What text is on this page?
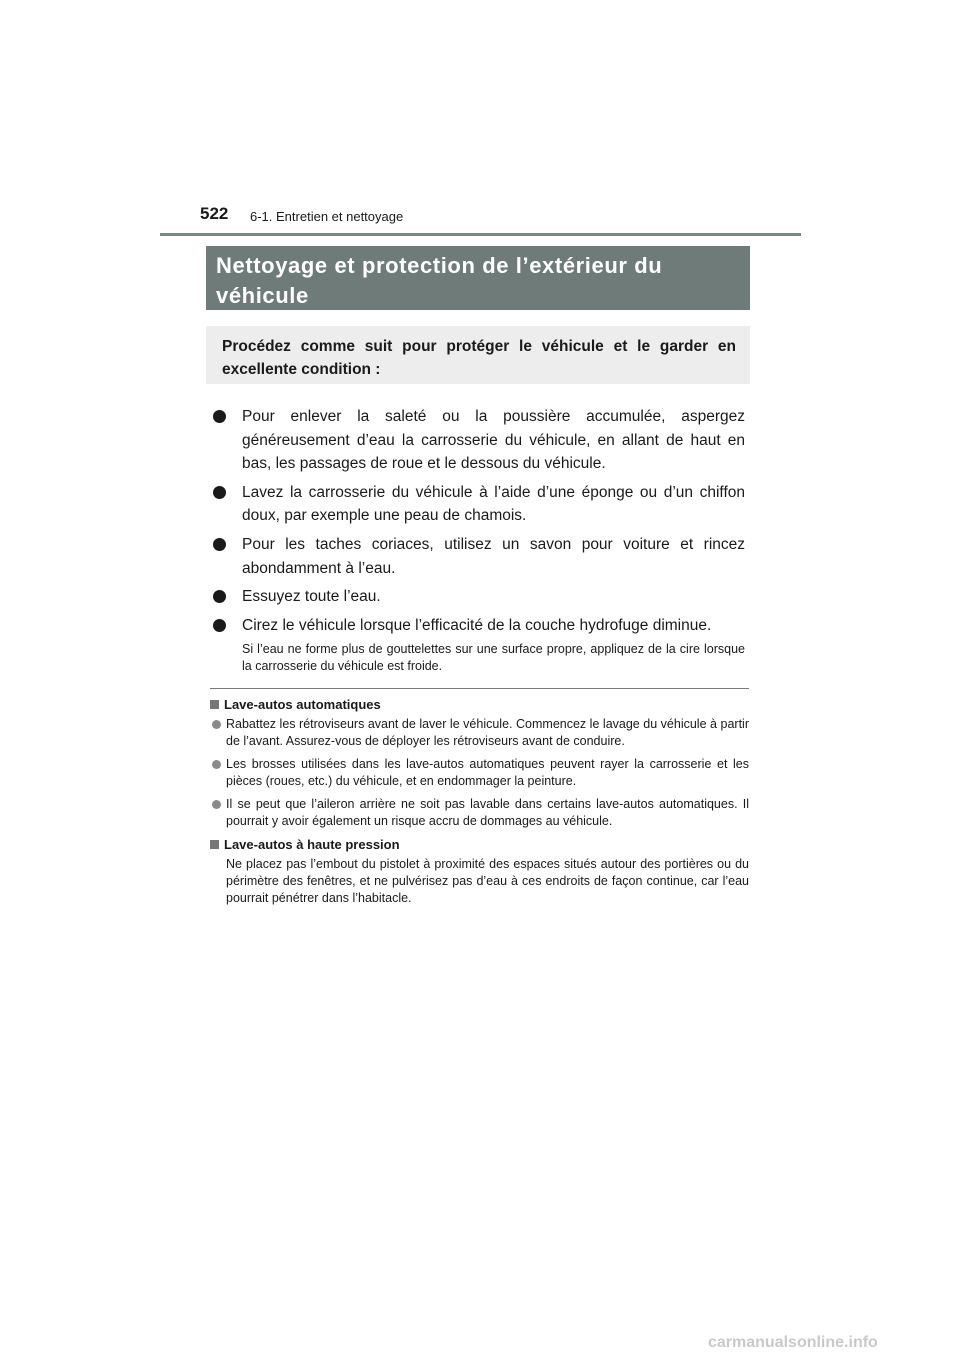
522 6-1. Entretien et nettoyage
Nettoyage et protection de l’extérieur du véhicule
Procédez comme suit pour protéger le véhicule et le garder en excellente condition :
Pour enlever la saleté ou la poussière accumulée, aspergez généreusement d’eau la carrosserie du véhicule, en allant de haut en bas, les passages de roue et le dessous du véhicule.
Lavez la carrosserie du véhicule à l’aide d’une éponge ou d’un chiffon doux, par exemple une peau de chamois.
Pour les taches coriaces, utilisez un savon pour voiture et rincez abondamment à l’eau.
Essuyez toute l’eau.
Cirez le véhicule lorsque l’efficacité de la couche hydrofuge diminue.
Si l’eau ne forme plus de gouttelettes sur une surface propre, appliquez de la cire lorsque la carrosserie du véhicule est froide.
Lave-autos automatiques
Rabattez les rétroviseurs avant de laver le véhicule. Commencez le lavage du véhicule à partir de l’avant. Assurez-vous de déployer les rétroviseurs avant de conduire.
Les brosses utilisées dans les lave-autos automatiques peuvent rayer la carrosserie et les pièces (roues, etc.) du véhicule, et en endommager la peinture.
Il se peut que l’aileron arrière ne soit pas lavable dans certains lave-autos automatiques. Il pourrait y avoir également un risque accru de dommages au véhicule.
Lave-autos à haute pression
Ne placez pas l’embout du pistolet à proximité des espaces situés autour des portières ou du périmètre des fenêtres, et ne pulvérisez pas d’eau à ces endroits de façon continue, car l’eau pourrait pénétrer dans l’habitacle.
carmanualsonline.info
